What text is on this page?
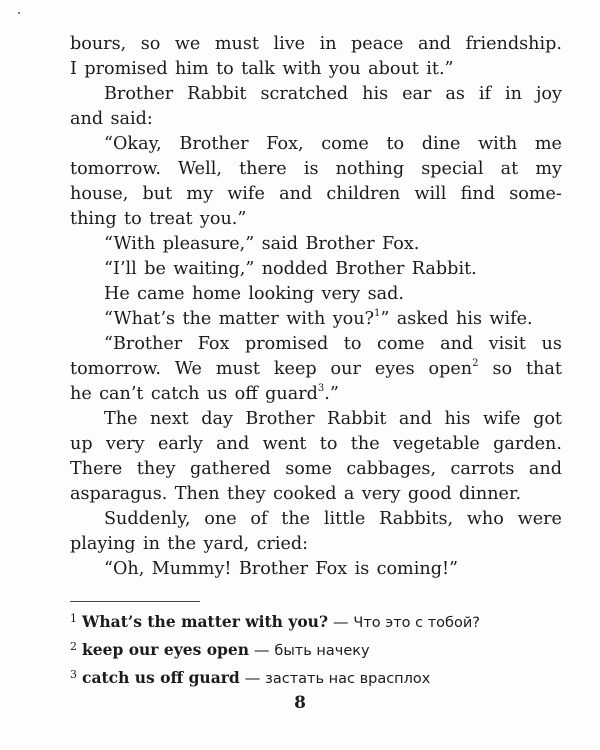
bours, so we must live in peace and friendship.
I promised him to talk with you about it.”
Brother Rabbit scratched his ear as if in joy
and said:
“Okay, Brother Fox, come to dine with me
tomorrow. Well, there is nothing special at my
house, but my wife and children will find some-
thing to treat you.”
“With pleasure,” said Brother Fox.
“I’ll be waiting,” nodded Brother Rabbit.
He came home looking very sad.
“What’s the matter with you?$^1$” asked his wife.
“Brother Fox promised to come and visit us
tomorrow. We must keep our eyes open$^2$ so that
he can’t catch us off guard$^3$.”
The next day Brother Rabbit and his wife got
up very early and went to the vegetable garden.
There they gathered some cabbages, carrots and
asparagus. Then they cooked a very good dinner.
Suddenly, one of the little Rabbits, who were
playing in the yard, cried:
“Oh, Mummy! Brother Fox is coming!”
$^1$ What’s the matter with you? — Что это с тобой?
$^2$ keep our eyes open — быть начеку
$^3$ catch us off guard — застать нас врасплох
8
